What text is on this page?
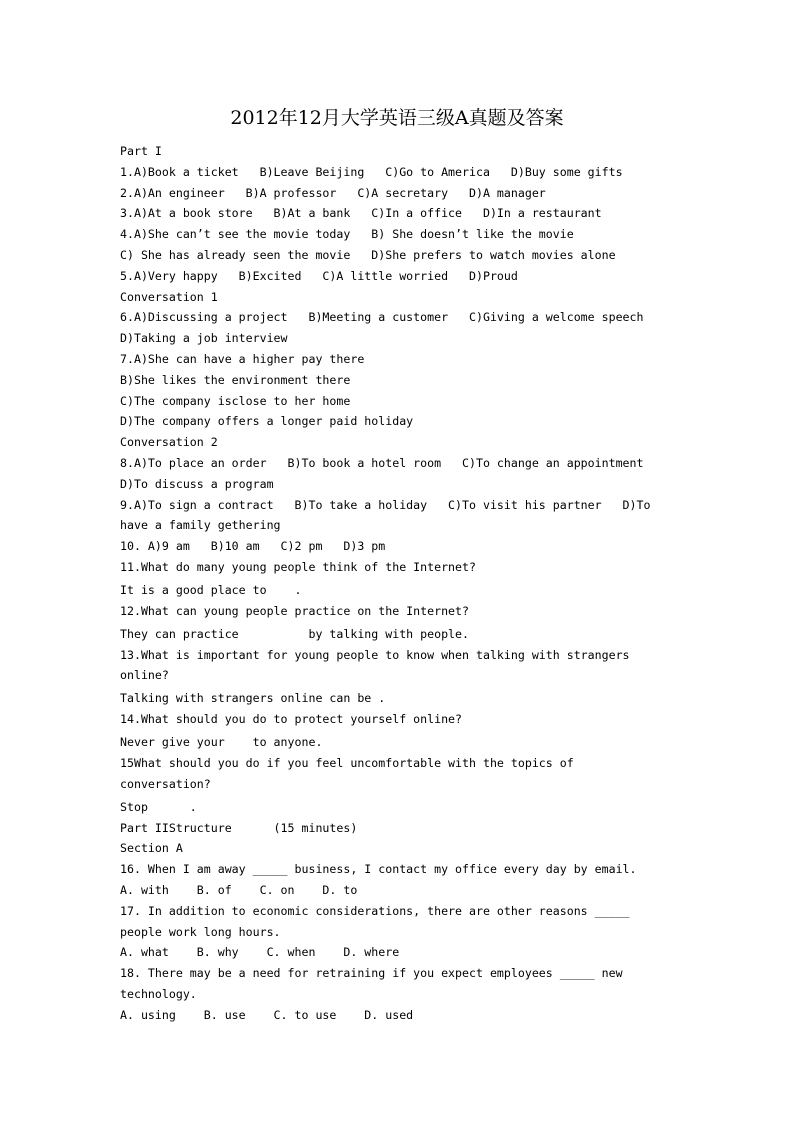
2012年12月大学英语三级A真题及答案
Part I
1.A)Book a ticket   B)Leave Beijing   C)Go to America   D)Buy some gifts
2.A)An engineer   B)A professor   C)A secretary   D)A manager
3.A)At a book store   B)At a bank   C)In a office   D)In a restaurant
4.A)She can’t see the movie today   B) She doesn’t like the movie
C) She has already seen the movie   D)She prefers to watch movies alone
5.A)Very happy   B)Excited   C)A little worried   D)Proud
Conversation 1
6.A)Discussing a project   B)Meeting a customer   C)Giving a welcome speech
D)Taking a job interview
7.A)She can have a higher pay there
B)She likes the environment there
C)The company isclose to her home
D)The company offers a longer paid holiday
Conversation 2
8.A)To place an order   B)To book a hotel room   C)To change an appointment
D)To discuss a program
9.A)To sign a contract   B)To take a holiday   C)To visit his partner   D)To
have a family gethering
10. A)9 am   B)10 am   C)2 pm   D)3 pm
11.What do many young people think of the Internet?
It is a good place to    .
12.What can young people practice on the Internet?
They can practice          by talking with people.
13.What is important for young people to know when talking with strangers
online?
Talking with strangers online can be .
14.What should you do to protect yourself online?
Never give your    to anyone.
15What should you do if you feel uncomfortable with the topics of
conversation?
Stop      .
Part IIStructure      (15 minutes)
Section A
16. When I am away _____ business, I contact my office every day by email.
A. with    B. of    C. on    D. to
17. In addition to economic considerations, there are other reasons _____
people work long hours.
A. what    B. why    C. when    D. where
18. There may be a need for retraining if you expect employees _____ new
technology.
A. using    B. use    C. to use    D. used
